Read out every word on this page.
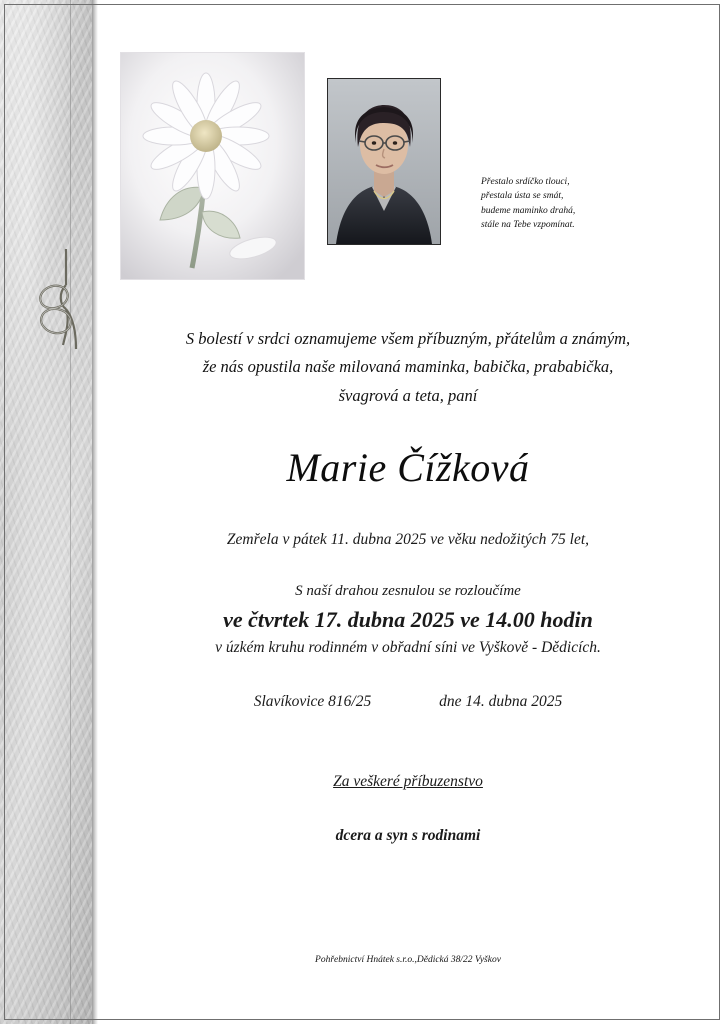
Přestalo srdíčko tlouci,
přestala ústa se smát,
budeme maminko drahá,
stále na Tebe vzpomínat.
S bolestí v srdci oznamujeme všem příbuzným, přátelům a známým,
že nás opustila naše milovaná maminka, babička, prababička,
švagrová a teta, paní
Marie Čížková
Zemřela v pátek 11. dubna 2025 ve věku nedožitých 75 let,
S naší drahou zesnulou se rozloučíme
ve čtvrtek 17. dubna 2025 ve 14.00 hodin
v úzkém kruhu rodinném v obřadní síni ve Vyškově - Dědicích.
Slavíkovice 816/25	dne 14. dubna 2025
Za veškeré příbuzenstvo
dcera a syn s rodinami
Pohřebnictví Hnátek s.r.o.,Dědická 38/22 Vyškov
